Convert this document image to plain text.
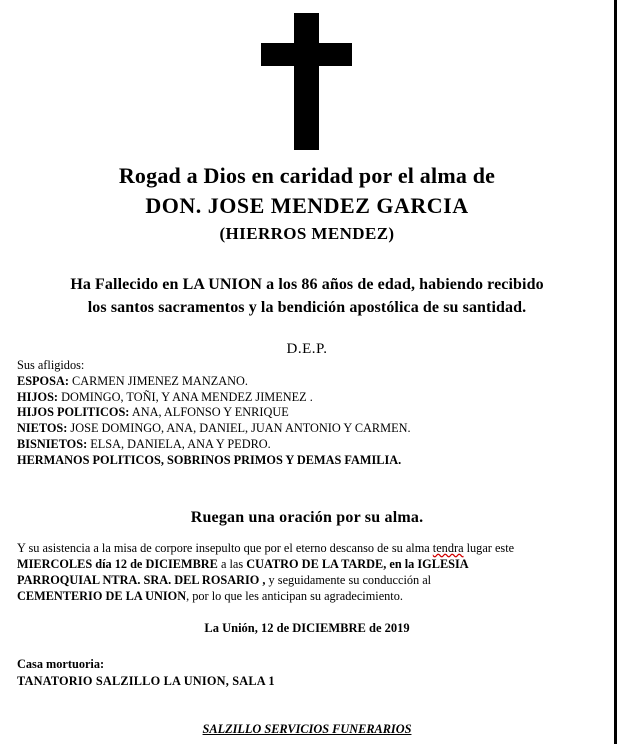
Rogad a Dios en caridad por el alma de
DON. JOSE MENDEZ GARCIA
(HIERROS MENDEZ)
Ha Fallecido en LA UNION a los 86 años de edad, habiendo recibido
los santos sacramentos y la bendición apostólica de su santidad.
D.E.P.
Sus afligidos:
ESPOSA: CARMEN JIMENEZ MANZANO.
HIJOS: DOMINGO, TOÑI, Y ANA MENDEZ JIMENEZ .
HIJOS POLITICOS: ANA, ALFONSO Y ENRIQUE
NIETOS: JOSE DOMINGO, ANA, DANIEL, JUAN ANTONIO Y CARMEN.
BISNIETOS: ELSA, DANIELA, ANA Y PEDRO.
HERMANOS POLITICOS, SOBRINOS PRIMOS Y DEMAS FAMILIA.
Ruegan una oración por su alma.
Y su asistencia a la misa de corpore insepulto que por el eterno descanso de su alma tendra lugar este
MIERCOLES día 12 de DICIEMBRE a las CUATRO DE LA TARDE, en la IGLESIA
PARROQUIAL NTRA. SRA. DEL ROSARIO , y seguidamente su conducción al
CEMENTERIO DE LA UNION, por lo que les anticipan su agradecimiento.
La Unión, 12 de DICIEMBRE de 2019
Casa mortuoria:
TANATORIO SALZILLO LA UNION, SALA 1
SALZILLO SERVICIOS FUNERARIOS
